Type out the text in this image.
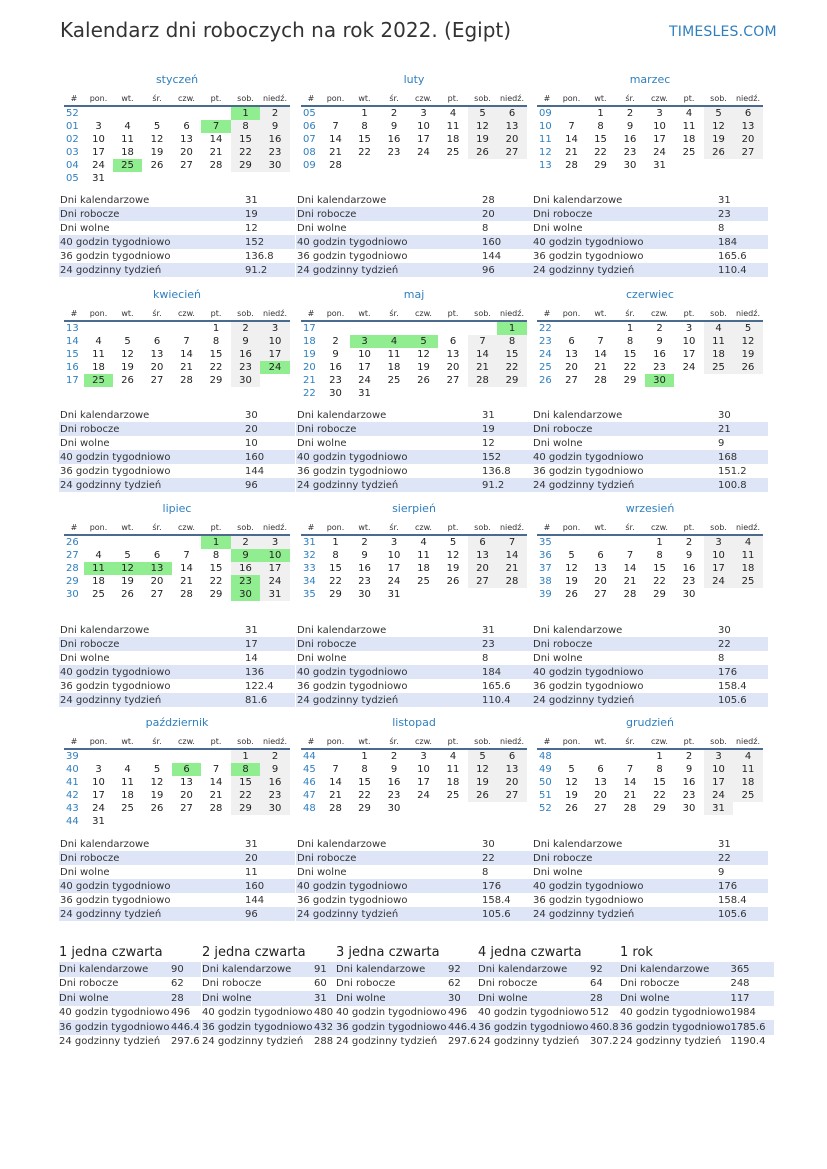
Kalendarz dni roboczych na rok 2022. (Egipt)	TIMESLES.COM
styczeń
#	pon.	wt.	śr.	czw.	pt.	sob.	niedź.
52						1	2
01	3	4	5	6	7	8	9
02	10	11	12	13	14	15	16
03	17	18	19	20	21	22	23
04	24	25	26	27	28	29	30
05	31						
Dni kalendarzowe	31
Dni robocze	19
Dni wolne	12
40 godzin tygodniowo	152
36 godzin tygodniowo	136.8
24 godzinny tydzień	91.2
luty
#	pon.	wt.	śr.	czw.	pt.	sob.	niedź.
05		1	2	3	4	5	6
06	7	8	9	10	11	12	13
07	14	15	16	17	18	19	20
08	21	22	23	24	25	26	27
09	28						
Dni kalendarzowe	28
Dni robocze	20
Dni wolne	8
40 godzin tygodniowo	160
36 godzin tygodniowo	144
24 godzinny tydzień	96
marzec
#	pon.	wt.	śr.	czw.	pt.	sob.	niedź.
09		1	2	3	4	5	6
10	7	8	9	10	11	12	13
11	14	15	16	17	18	19	20
12	21	22	23	24	25	26	27
13	28	29	30	31			
Dni kalendarzowe	31
Dni robocze	23
Dni wolne	8
40 godzin tygodniowo	184
36 godzin tygodniowo	165.6
24 godzinny tydzień	110.4
kwiecień
#	pon.	wt.	śr.	czw.	pt.	sob.	niedź.
13					1	2	3
14	4	5	6	7	8	9	10
15	11	12	13	14	15	16	17
16	18	19	20	21	22	23	24
17	25	26	27	28	29	30	
Dni kalendarzowe	30
Dni robocze	20
Dni wolne	10
40 godzin tygodniowo	160
36 godzin tygodniowo	144
24 godzinny tydzień	96
maj
#	pon.	wt.	śr.	czw.	pt.	sob.	niedź.
17							1
18	2	3	4	5	6	7	8
19	9	10	11	12	13	14	15
20	16	17	18	19	20	21	22
21	23	24	25	26	27	28	29
22	30	31					
Dni kalendarzowe	31
Dni robocze	19
Dni wolne	12
40 godzin tygodniowo	152
36 godzin tygodniowo	136.8
24 godzinny tydzień	91.2
czerwiec
#	pon.	wt.	śr.	czw.	pt.	sob.	niedź.
22			1	2	3	4	5
23	6	7	8	9	10	11	12
24	13	14	15	16	17	18	19
25	20	21	22	23	24	25	26
26	27	28	29	30			
Dni kalendarzowe	30
Dni robocze	21
Dni wolne	9
40 godzin tygodniowo	168
36 godzin tygodniowo	151.2
24 godzinny tydzień	100.8
lipiec
#	pon.	wt.	śr.	czw.	pt.	sob.	niedź.
26					1	2	3
27	4	5	6	7	8	9	10
28	11	12	13	14	15	16	17
29	18	19	20	21	22	23	24
30	25	26	27	28	29	30	31
Dni kalendarzowe	31
Dni robocze	17
Dni wolne	14
40 godzin tygodniowo	136
36 godzin tygodniowo	122.4
24 godzinny tydzień	81.6
sierpień
#	pon.	wt.	śr.	czw.	pt.	sob.	niedź.
31	1	2	3	4	5	6	7
32	8	9	10	11	12	13	14
33	15	16	17	18	19	20	21
34	22	23	24	25	26	27	28
35	29	30	31				
Dni kalendarzowe	31
Dni robocze	23
Dni wolne	8
40 godzin tygodniowo	184
36 godzin tygodniowo	165.6
24 godzinny tydzień	110.4
wrzesień
#	pon.	wt.	śr.	czw.	pt.	sob.	niedź.
35				1	2	3	4
36	5	6	7	8	9	10	11
37	12	13	14	15	16	17	18
38	19	20	21	22	23	24	25
39	26	27	28	29	30		
Dni kalendarzowe	30
Dni robocze	22
Dni wolne	8
40 godzin tygodniowo	176
36 godzin tygodniowo	158.4
24 godzinny tydzień	105.6
październik
#	pon.	wt.	śr.	czw.	pt.	sob.	niedź.
39						1	2
40	3	4	5	6	7	8	9
41	10	11	12	13	14	15	16
42	17	18	19	20	21	22	23
43	24	25	26	27	28	29	30
44	31						
Dni kalendarzowe	31
Dni robocze	20
Dni wolne	11
40 godzin tygodniowo	160
36 godzin tygodniowo	144
24 godzinny tydzień	96
listopad
#	pon.	wt.	śr.	czw.	pt.	sob.	niedź.
44		1	2	3	4	5	6
45	7	8	9	10	11	12	13
46	14	15	16	17	18	19	20
47	21	22	23	24	25	26	27
48	28	29	30				
Dni kalendarzowe	30
Dni robocze	22
Dni wolne	8
40 godzin tygodniowo	176
36 godzin tygodniowo	158.4
24 godzinny tydzień	105.6
grudzień
#	pon.	wt.	śr.	czw.	pt.	sob.	niedź.
48				1	2	3	4
49	5	6	7	8	9	10	11
50	12	13	14	15	16	17	18
51	19	20	21	22	23	24	25
52	26	27	28	29	30	31	
Dni kalendarzowe	31
Dni robocze	22
Dni wolne	9
40 godzin tygodniowo	176
36 godzin tygodniowo	158.4
24 godzinny tydzień	105.6
1 jedna czwarta
Dni kalendarzowe	90
Dni robocze	62
Dni wolne	28
40 godzin tygodniowo	496
36 godzin tygodniowo	446.4
24 godzinny tydzień	297.6
2 jedna czwarta
Dni kalendarzowe	91
Dni robocze	60
Dni wolne	31
40 godzin tygodniowo	480
36 godzin tygodniowo	432
24 godzinny tydzień	288
3 jedna czwarta
Dni kalendarzowe	92
Dni robocze	62
Dni wolne	30
40 godzin tygodniowo	496
36 godzin tygodniowo	446.4
24 godzinny tydzień	297.6
4 jedna czwarta
Dni kalendarzowe	92
Dni robocze	64
Dni wolne	28
40 godzin tygodniowo	512
36 godzin tygodniowo	460.8
24 godzinny tydzień	307.2
1 rok
Dni kalendarzowe	365
Dni robocze	248
Dni wolne	117
40 godzin tygodniowo	1984
36 godzin tygodniowo	1785.6
24 godzinny tydzień	1190.4
